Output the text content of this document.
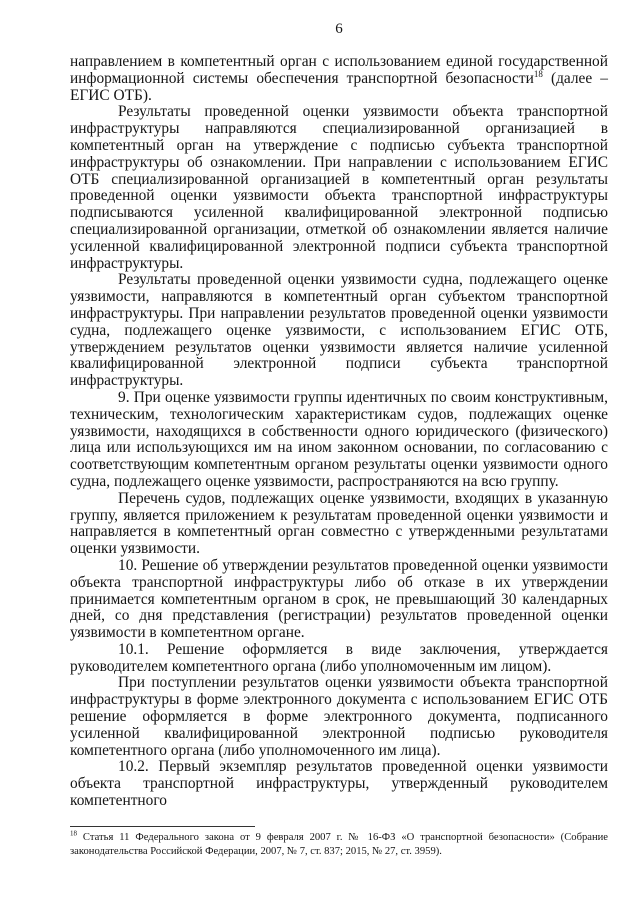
6

направлением в компетентный орган с использованием единой государственной информационной системы обеспечения транспортной безопасности$^{18}$ (далее – ЕГИС ОТБ).

Результаты проведенной оценки уязвимости объекта транспортной инфраструктуры направляются специализированной организацией в компетентный орган на утверждение с подписью субъекта транспортной инфраструктуры об ознакомлении. При направлении с использованием ЕГИС ОТБ специализированной организацией в компетентный орган результаты проведенной оценки уязвимости объекта транспортной инфраструктуры подписываются усиленной квалифицированной электронной подписью специализированной организации, отметкой об ознакомлении является наличие усиленной квалифицированной электронной подписи субъекта транспортной инфраструктуры.

Результаты проведенной оценки уязвимости судна, подлежащего оценке уязвимости, направляются в компетентный орган субъектом транспортной инфраструктуры. При направлении результатов проведенной оценки уязвимости судна, подлежащего оценке уязвимости, с использованием ЕГИС ОТБ, утверждением результатов оценки уязвимости является наличие усиленной квалифицированной электронной подписи субъекта транспортной инфраструктуры.

9. При оценке уязвимости группы идентичных по своим конструктивным, техническим, технологическим характеристикам судов, подлежащих оценке уязвимости, находящихся в собственности одного юридического (физического) лица или использующихся им на ином законном основании, по согласованию с соответствующим компетентным органом результаты оценки уязвимости одного судна, подлежащего оценке уязвимости, распространяются на всю группу.

Перечень судов, подлежащих оценке уязвимости, входящих в указанную группу, является приложением к результатам проведенной оценки уязвимости и направляется в компетентный орган совместно с утвержденными результатами оценки уязвимости.

10. Решение об утверждении результатов проведенной оценки уязвимости объекта транспортной инфраструктуры либо об отказе в их утверждении принимается компетентным органом в срок, не превышающий 30 календарных дней, со дня представления (регистрации) результатов проведенной оценки уязвимости в компетентном органе.

10.1. Решение оформляется в виде заключения, утверждается руководителем компетентного органа (либо уполномоченным им лицом).

При поступлении результатов оценки уязвимости объекта транспортной инфраструктуры в форме электронного документа с использованием ЕГИС ОТБ решение оформляется в форме электронного документа, подписанного усиленной квалифицированной электронной подписью руководителя компетентного органа (либо уполномоченного им лица).

10.2. Первый экземпляр результатов проведенной оценки уязвимости объекта транспортной инфраструктуры, утвержденный руководителем компетентного

$^{18}$ Статья 11 Федерального закона от 9 февраля 2007 г. № 16-ФЗ «О транспортной безопасности» (Собрание законодательства Российской Федерации, 2007, № 7, ст. 837; 2015, № 27, ст. 3959).
